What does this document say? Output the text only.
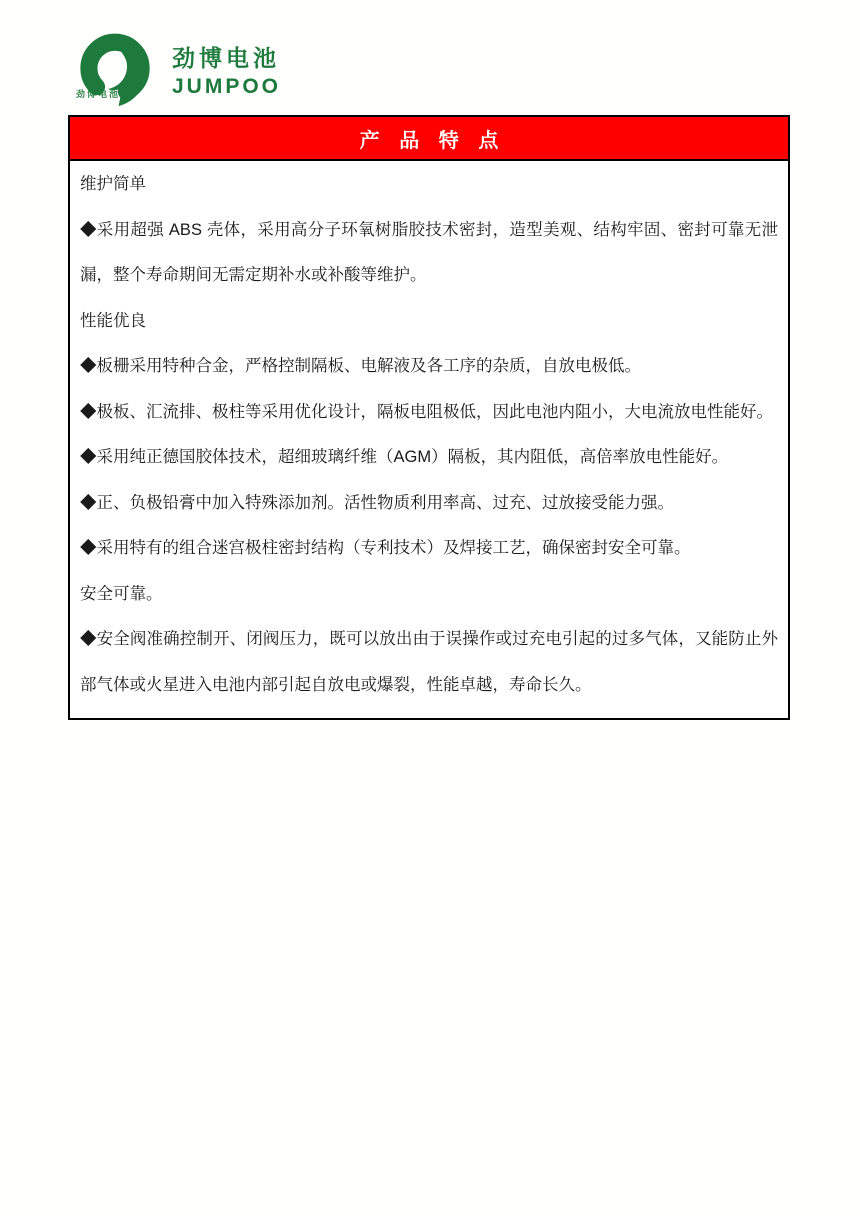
劲博电池
劲博电池
JUMPOO
产 品 特 点

维护简单

◆采用超强 ABS 壳体，采用高分子环氧树脂胶技术密封，造型美观、结构牢固、密封可靠无泄漏，整个寿命期间无需定期补水或补酸等维护。

性能优良

◆板栅采用特种合金，严格控制隔板、电解液及各工序的杂质，自放电极低。

◆极板、汇流排、极柱等采用优化设计，隔板电阻极低，因此电池内阻小，大电流放电性能好。

◆采用纯正德国胶体技术，超细玻璃纤维（AGM）隔板，其内阻低，高倍率放电性能好。

◆正、负极铅膏中加入特殊添加剂。活性物质利用率高、过充、过放接受能力强。

◆采用特有的组合迷宫极柱密封结构（专利技术）及焊接工艺，确保密封安全可靠。

安全可靠。

◆安全阀准确控制开、闭阀压力，既可以放出由于误操作或过充电引起的过多气体，又能防止外部气体或火星进入电池内部引起自放电或爆裂，性能卓越，寿命长久。
